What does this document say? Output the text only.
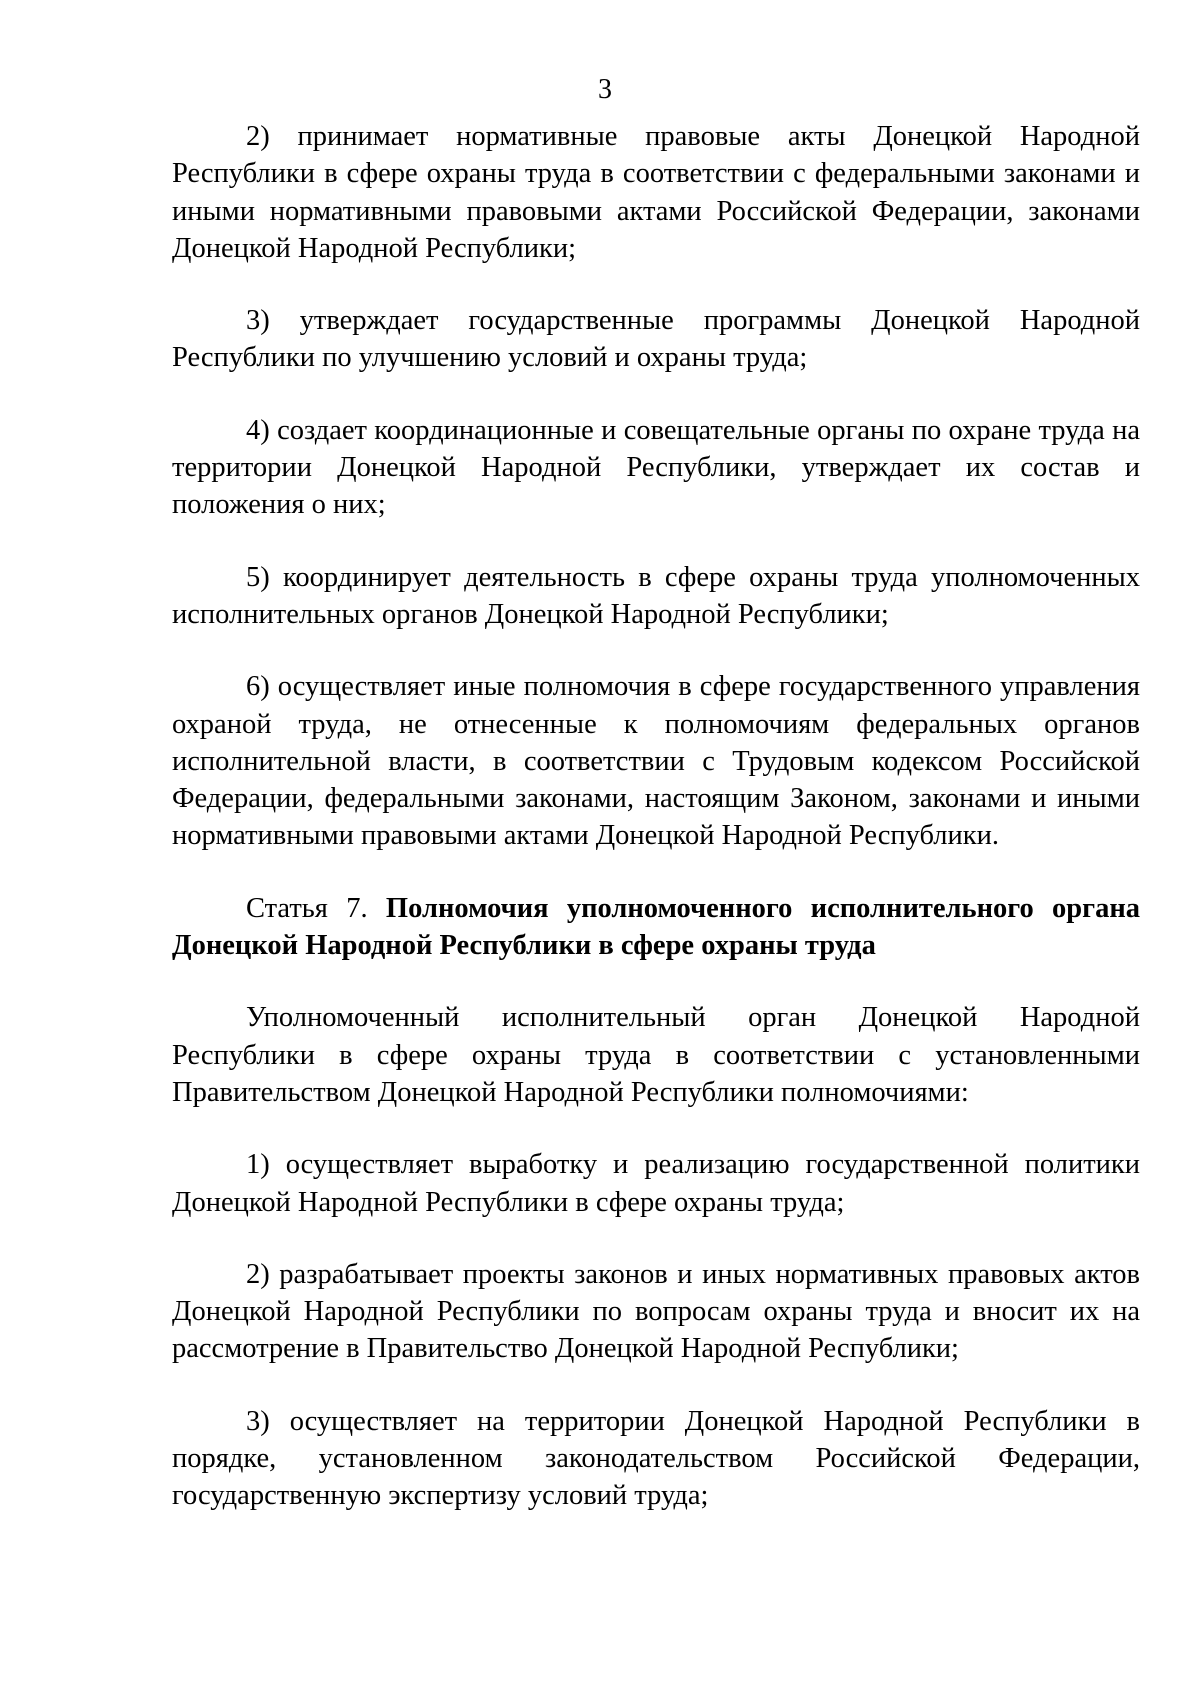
3

2) принимает нормативные правовые акты Донецкой Народной Республики в сфере охраны труда в соответствии с федеральными законами и иными нормативными правовыми актами Российской Федерации, законами Донецкой Народной Республики;

3) утверждает государственные программы Донецкой Народной Республики по улучшению условий и охраны труда;

4) создает координационные и совещательные органы по охране труда на территории Донецкой Народной Республики, утверждает их состав и положения о них;

5) координирует деятельность в сфере охраны труда уполномоченных исполнительных органов Донецкой Народной Республики;

6) осуществляет иные полномочия в сфере государственного управления охраной труда, не отнесенные к полномочиям федеральных органов исполнительной власти, в соответствии с Трудовым кодексом Российской Федерации, федеральными законами, настоящим Законом, законами и иными нормативными правовыми актами Донецкой Народной Республики.

Статья 7. Полномочия уполномоченного исполнительного органа Донецкой Народной Республики в сфере охраны труда

Уполномоченный исполнительный орган Донецкой Народной Республики в сфере охраны труда в соответствии с установленными Правительством Донецкой Народной Республики полномочиями:

1) осуществляет выработку и реализацию государственной политики Донецкой Народной Республики в сфере охраны труда;

2) разрабатывает проекты законов и иных нормативных правовых актов Донецкой Народной Республики по вопросам охраны труда и вносит их на рассмотрение в Правительство Донецкой Народной Республики;

3) осуществляет на территории Донецкой Народной Республики в порядке, установленном законодательством Российской Федерации, государственную экспертизу условий труда;
